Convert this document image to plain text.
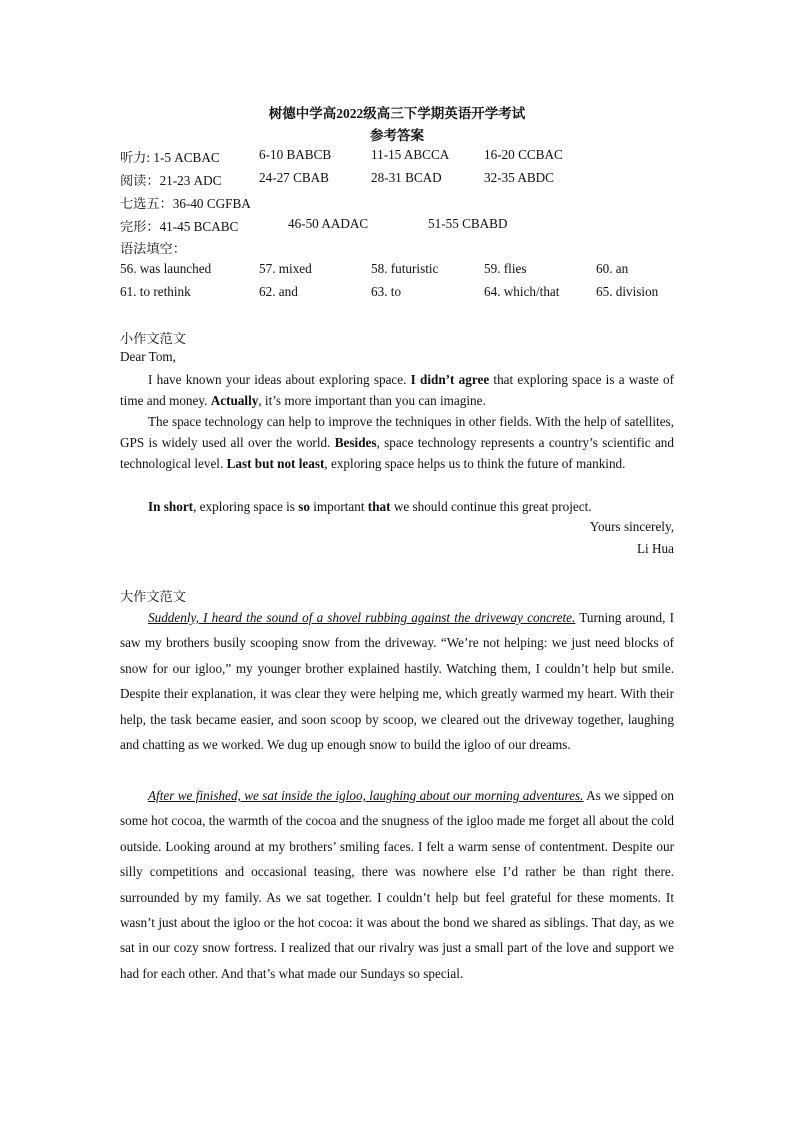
树德中学高2022级高三下学期英语开学考试
参考答案
听力: 1-5 ACBAC	6-10 BABCB	11-15 ABCCA	16-20 CCBAC
阅读：21-23 ADC	24-27 CBAB	28-31 BCAD	32-35 ABDC
七选五：36-40 CGFBA
完形：41-45 BCABC	46-50 AADAC	51-55 CBABD
语法填空：
56. was launched	57. mixed	58. futuristic	59. flies	60. an
61. to rethink	62. and	63. to	64. which/that	65. division
小作文范文
Dear Tom,
I have known your ideas about exploring space. I didn’t agree that exploring space is a waste of time and money. Actually, it’s more important than you can imagine.
The space technology can help to improve the techniques in other fields. With the help of satellites, GPS is widely used all over the world. Besides, space technology represents a country’s scientific and technological level. Last but not least, exploring space helps us to think the future of mankind.
In short, exploring space is so important that we should continue this great project.
Yours sincerely,
Li Hua
大作文范文
Suddenly, I heard the sound of a shovel rubbing against the driveway concrete. Turning around, I saw my brothers busily scooping snow from the driveway. “We’re not helping: we just need blocks of snow for our igloo,” my younger brother explained hastily. Watching them, I couldn’t help but smile. Despite their explanation, it was clear they were helping me, which greatly warmed my heart. With their help, the task became easier, and soon scoop by scoop, we cleared out the driveway together, laughing and chatting as we worked. We dug up enough snow to build the igloo of our dreams.
After we finished, we sat inside the igloo, laughing about our morning adventures. As we sipped on some hot cocoa, the warmth of the cocoa and the snugness of the igloo made me forget all about the cold outside. Looking around at my brothers’ smiling faces. I felt a warm sense of contentment. Despite our silly competitions and occasional teasing, there was nowhere else I’d rather be than right there. surrounded by my family. As we sat together. I couldn’t help but feel grateful for these moments. It wasn’t just about the igloo or the hot cocoa: it was about the bond we shared as siblings. That day, as we sat in our cozy snow fortress. I realized that our rivalry was just a small part of the love and support we had for each other. And that’s what made our Sundays so special.
